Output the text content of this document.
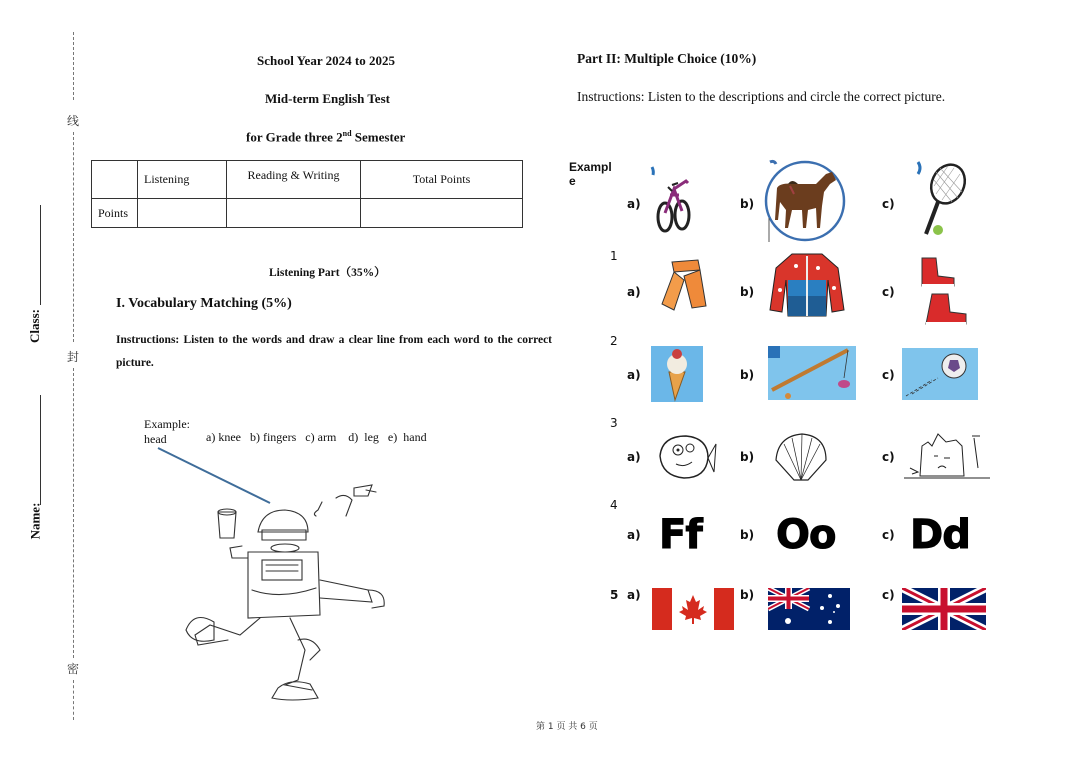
线
封
密
Class:
Name:
School Year 2024 to 2025
Mid-term English Test
for Grade three 2nd Semester
	Listening	Reading & Writing	Total Points
Points			
Listening Part（35%）
I. Vocabulary Matching (5%)
Instructions: Listen to the words and draw a clear line from each word to the correct picture.
Example:
head	a) knee   b) fingers   c) arm    d)  leg   e)  hand
Part II: Multiple Choice (10%)
Instructions: Listen to the descriptions and circle the correct picture.
Exampl
e
a)	b)	c)
1
a)	b)	c)
2
a)	b)	c)
3
a)	b)	c)
4
a)	b)	c)
5 a)	b)	c)
Ff Oo Dd
第 1 页 共 6 页
